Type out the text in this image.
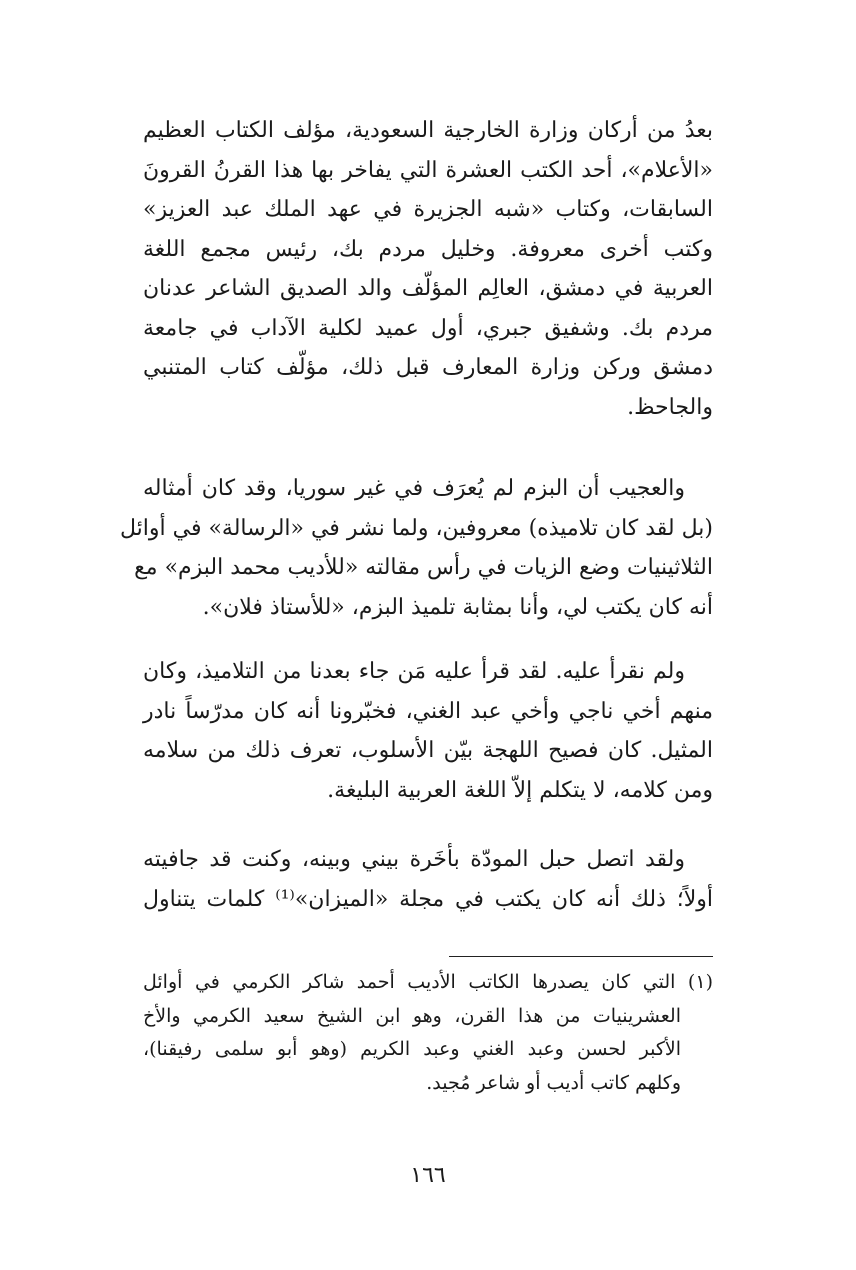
بعدُ من أركان وزارة الخارجية السعودية، مؤلف الكتاب العظيم
«الأعلام»، أحد الكتب العشرة التي يفاخر بها هذا القرنُ القرونَ
السابقات، وكتاب «شبه الجزيرة في عهد الملك عبد العزيز»
وكتب أخرى معروفة. وخليل مردم بك، رئيس مجمع اللغة
العربية في دمشق، العالِم المؤلّف والد الصديق الشاعر عدنان
مردم بك. وشفيق جبري، أول عميد لكلية الآداب في جامعة
دمشق وركن وزارة المعارف قبل ذلك، مؤلّف كتاب المتنبي
والجاحظ.
والعجيب أن البزم لم يُعرَف في غير سوريا، وقد كان أمثاله
(بل لقد كان تلاميذه) معروفين، ولما نشر في «الرسالة» في أوائل
الثلاثينيات وضع الزيات في رأس مقالته «للأديب محمد البزم» مع
أنه كان يكتب لي، وأنا بمثابة تلميذ البزم، «للأستاذ فلان».
ولم نقرأ عليه. لقد قرأ عليه مَن جاء بعدنا من التلاميذ، وكان
منهم أخي ناجي وأخي عبد الغني، فخبّرونا أنه كان مدرّساً نادر
المثيل. كان فصيح اللهجة بيّن الأسلوب، تعرف ذلك من سلامه
ومن كلامه، لا يتكلم إلاّ اللغة العربية البليغة.
ولقد اتصل حبل المودّة بأخَرة بيني وبينه، وكنت قد جافيته
أولاً؛ ذلك أنه كان يكتب في مجلة «الميزان»⁽¹⁾ كلمات يتناول
(١) التي كان يصدرها الكاتب الأديب أحمد شاكر الكرمي في أوائل
العشرينيات من هذا القرن، وهو ابن الشيخ سعيد الكرمي والأخ
الأكبر لحسن وعبد الغني وعبد الكريم (وهو أبو سلمى رفيقنا)،
وكلهم كاتب أديب أو شاعر مُجيد.
١٦٦
